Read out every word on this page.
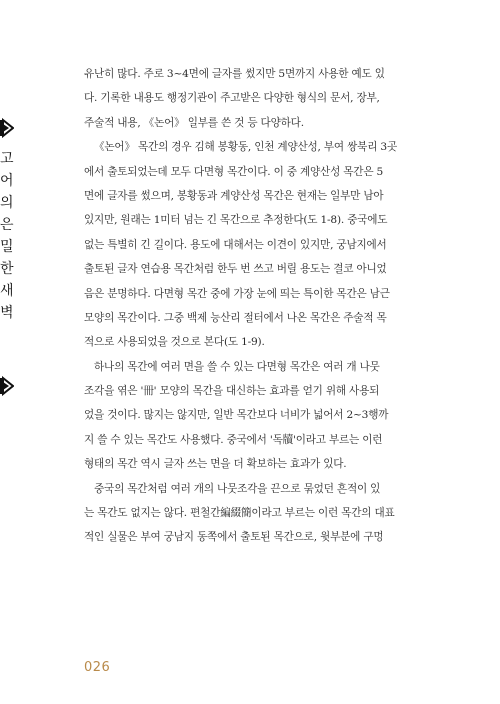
고
어
의
은
밀
한
새
벽
유난히 많다. 주로 3~4면에 글자를 썼지만 5면까지 사용한 예도 있
다. 기록한 내용도 행정기관이 주고받은 다양한 형식의 문서, 장부,
주술적 내용, 《논어》 일부를 쓴 것 등 다양하다.
《논어》 목간의 경우 김해 봉황동, 인천 계양산성, 부여 쌍북리 3곳
에서 출토되었는데 모두 다면형 목간이다. 이 중 계양산성 목간은 5
면에 글자를 썼으며, 봉황동과 계양산성 목간은 현재는 일부만 남아
있지만, 원래는 1미터 넘는 긴 목간으로 추정한다(도 1-8). 중국에도
없는 특별히 긴 길이다. 용도에 대해서는 이견이 있지만, 궁남지에서
출토된 글자 연습용 목간처럼 한두 번 쓰고 버릴 용도는 결코 아니었
음은 분명하다. 다면형 목간 중에 가장 눈에 띄는 특이한 목간은 남근
모양의 목간이다. 그중 백제 능산리 절터에서 나온 목간은 주술적 목
적으로 사용되었을 것으로 본다(도 1-9).
하나의 목간에 여러 면을 쓸 수 있는 다면형 목간은 여러 개 나뭇
조각을 엮은 '冊' 모양의 목간을 대신하는 효과를 얻기 위해 사용되
었을 것이다. 많지는 않지만, 일반 목간보다 너비가 넓어서 2~3행까
지 쓸 수 있는 목간도 사용했다. 중국에서 '독牘'이라고 부르는 이런
형태의 목간 역시 글자 쓰는 면을 더 확보하는 효과가 있다.
중국의 목간처럼 여러 개의 나뭇조각을 끈으로 묶었던 흔적이 있
는 목간도 없지는 않다. 편철간編綴簡이라고 부르는 이런 목간의 대표
적인 실물은 부여 궁남지 동쪽에서 출토된 목간으로, 윗부분에 구멍
026
